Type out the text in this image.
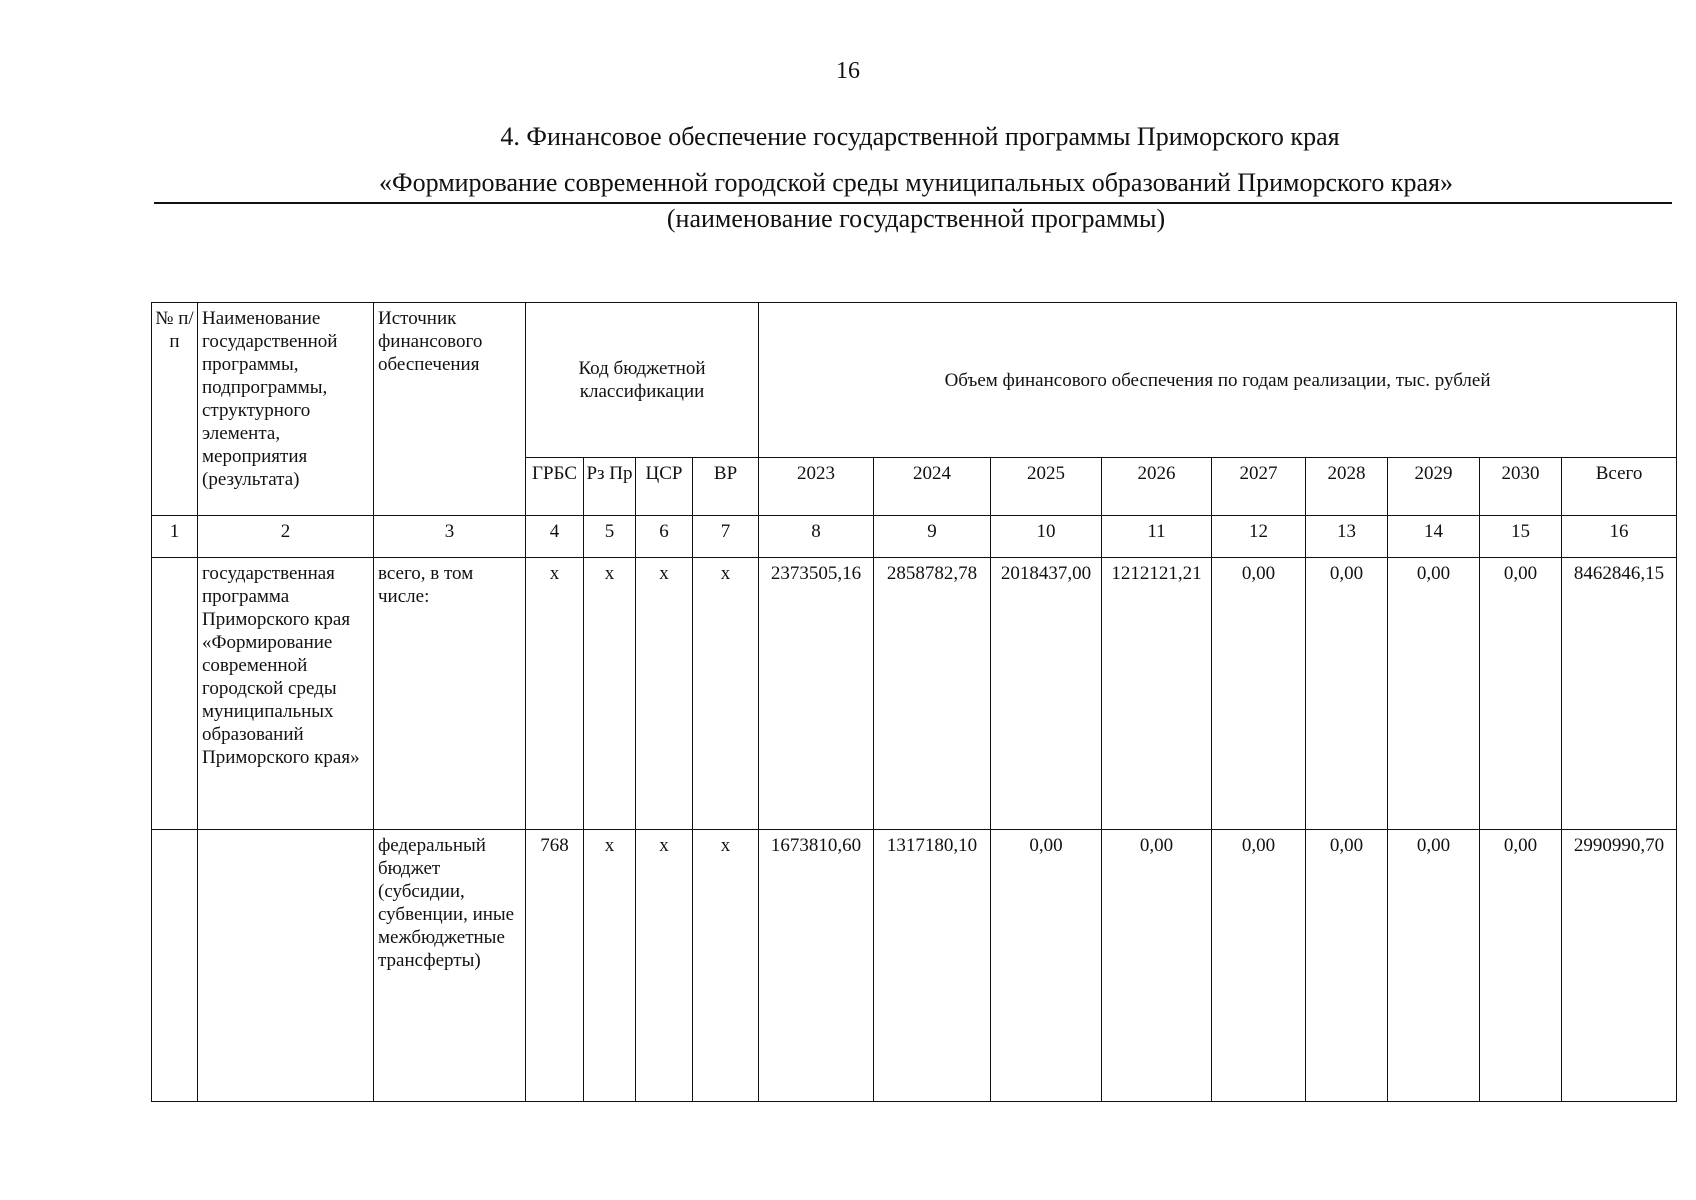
16
4. Финансовое обеспечение государственной программы Приморского края
«Формирование современной городской среды муниципальных образований Приморского края»
(наименование государственной программы)
№ п/п	Наименование государственной программы, подпрограммы, структурного элемента, мероприятия (результата)	Источник финансового обеспечения	Код бюджетной классификации				Объем финансового обеспечения по годам реализации, тыс. рублей								
			ГРБС	Рз Пр	ЦСР	ВР	2023	2024	2025	2026	2027	2028	2029	2030	Всего
1	2	3	4	5	6	7	8	9	10	11	12	13	14	15	16
	государственная программа Приморского края «Формирование современной городской среды муниципальных образований Приморского края»	всего, в том числе:	x	x	x	x	2373505,16	2858782,78	2018437,00	1212121,21	0,00	0,00	0,00	0,00	8462846,15
		федеральный бюджет (субсидии, субвенции, иные межбюджетные трансферты)	768	x	x	x	1673810,60	1317180,10	0,00	0,00	0,00	0,00	0,00	0,00	2990990,70
